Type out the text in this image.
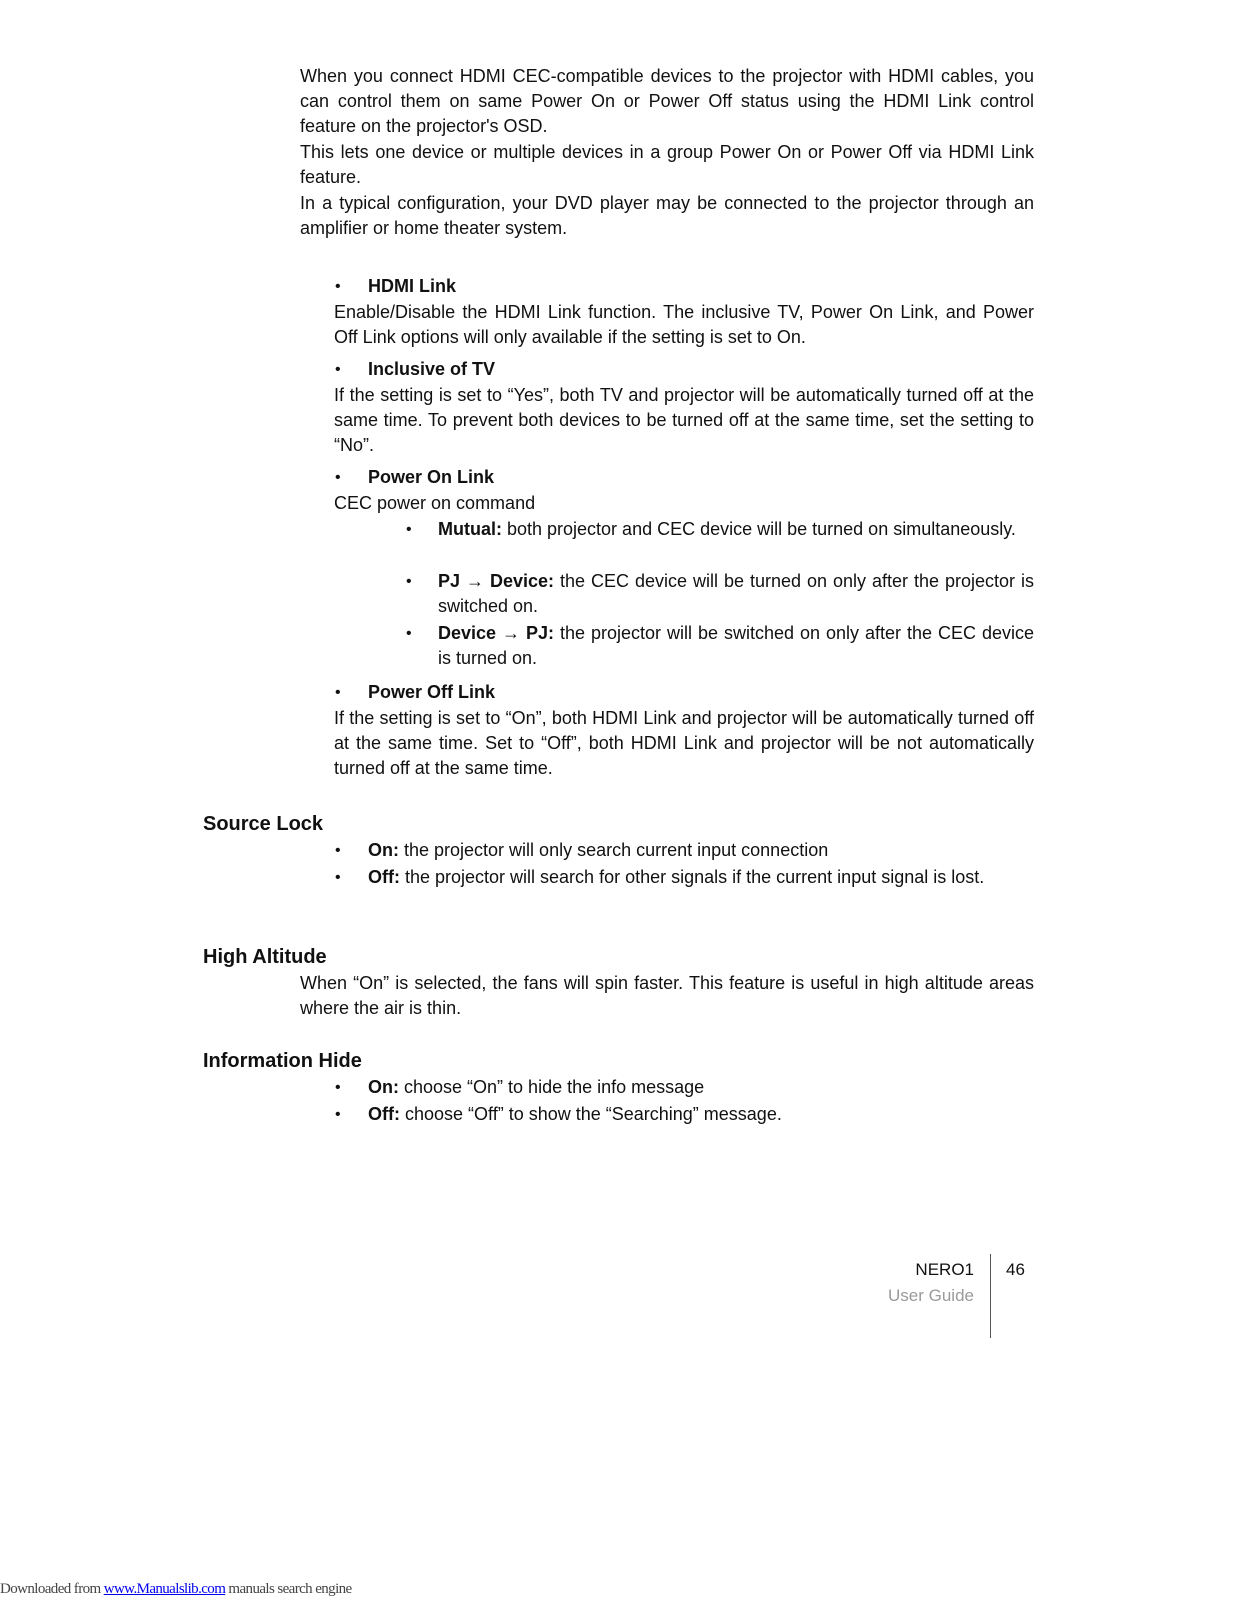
When you connect HDMI CEC-compatible devices to the projector with HDMI cables, you can control them on same Power On or Power Off status using the HDMI Link control feature on the projector's OSD.

This lets one device or multiple devices in a group Power On or Power Off via HDMI Link feature.

In a typical configuration, your DVD player may be connected to the projector through an amplifier or home theater system.

• HDMI Link

Enable/Disable the HDMI Link function. The inclusive TV, Power On Link, and Power Off Link options will only available if the setting is set to On.

• Inclusive of TV

If the setting is set to “Yes”, both TV and projector will be automatically turned off at the same time. To prevent both devices to be turned off at the same time, set the setting to “No”.

• Power On Link

CEC power on command

• Mutual: both projector and CEC device will be turned on simultaneously.

• PJ → Device: the CEC device will be turned on only after the projector is switched on.

• Device → PJ: the projector will be switched on only after the CEC device is turned on.

• Power Off Link

If the setting is set to “On”, both HDMI Link and projector will be automatically turned off at the same time. Set to “Off”, both HDMI Link and projector will be not automatically turned off at the same time.

Source Lock
• On: the projector will only search current input connection

• Off: the projector will search for other signals if the current input signal is lost.

High Altitude

When “On” is selected, the fans will spin faster. This feature is useful in high altitude areas where the air is thin.

Information Hide
• On: choose “On” to hide the info message

• Off: choose “Off” to show the “Searching” message.

NERO1
User Guide
46
Downloaded from www.Manualslib.com manuals search engine
